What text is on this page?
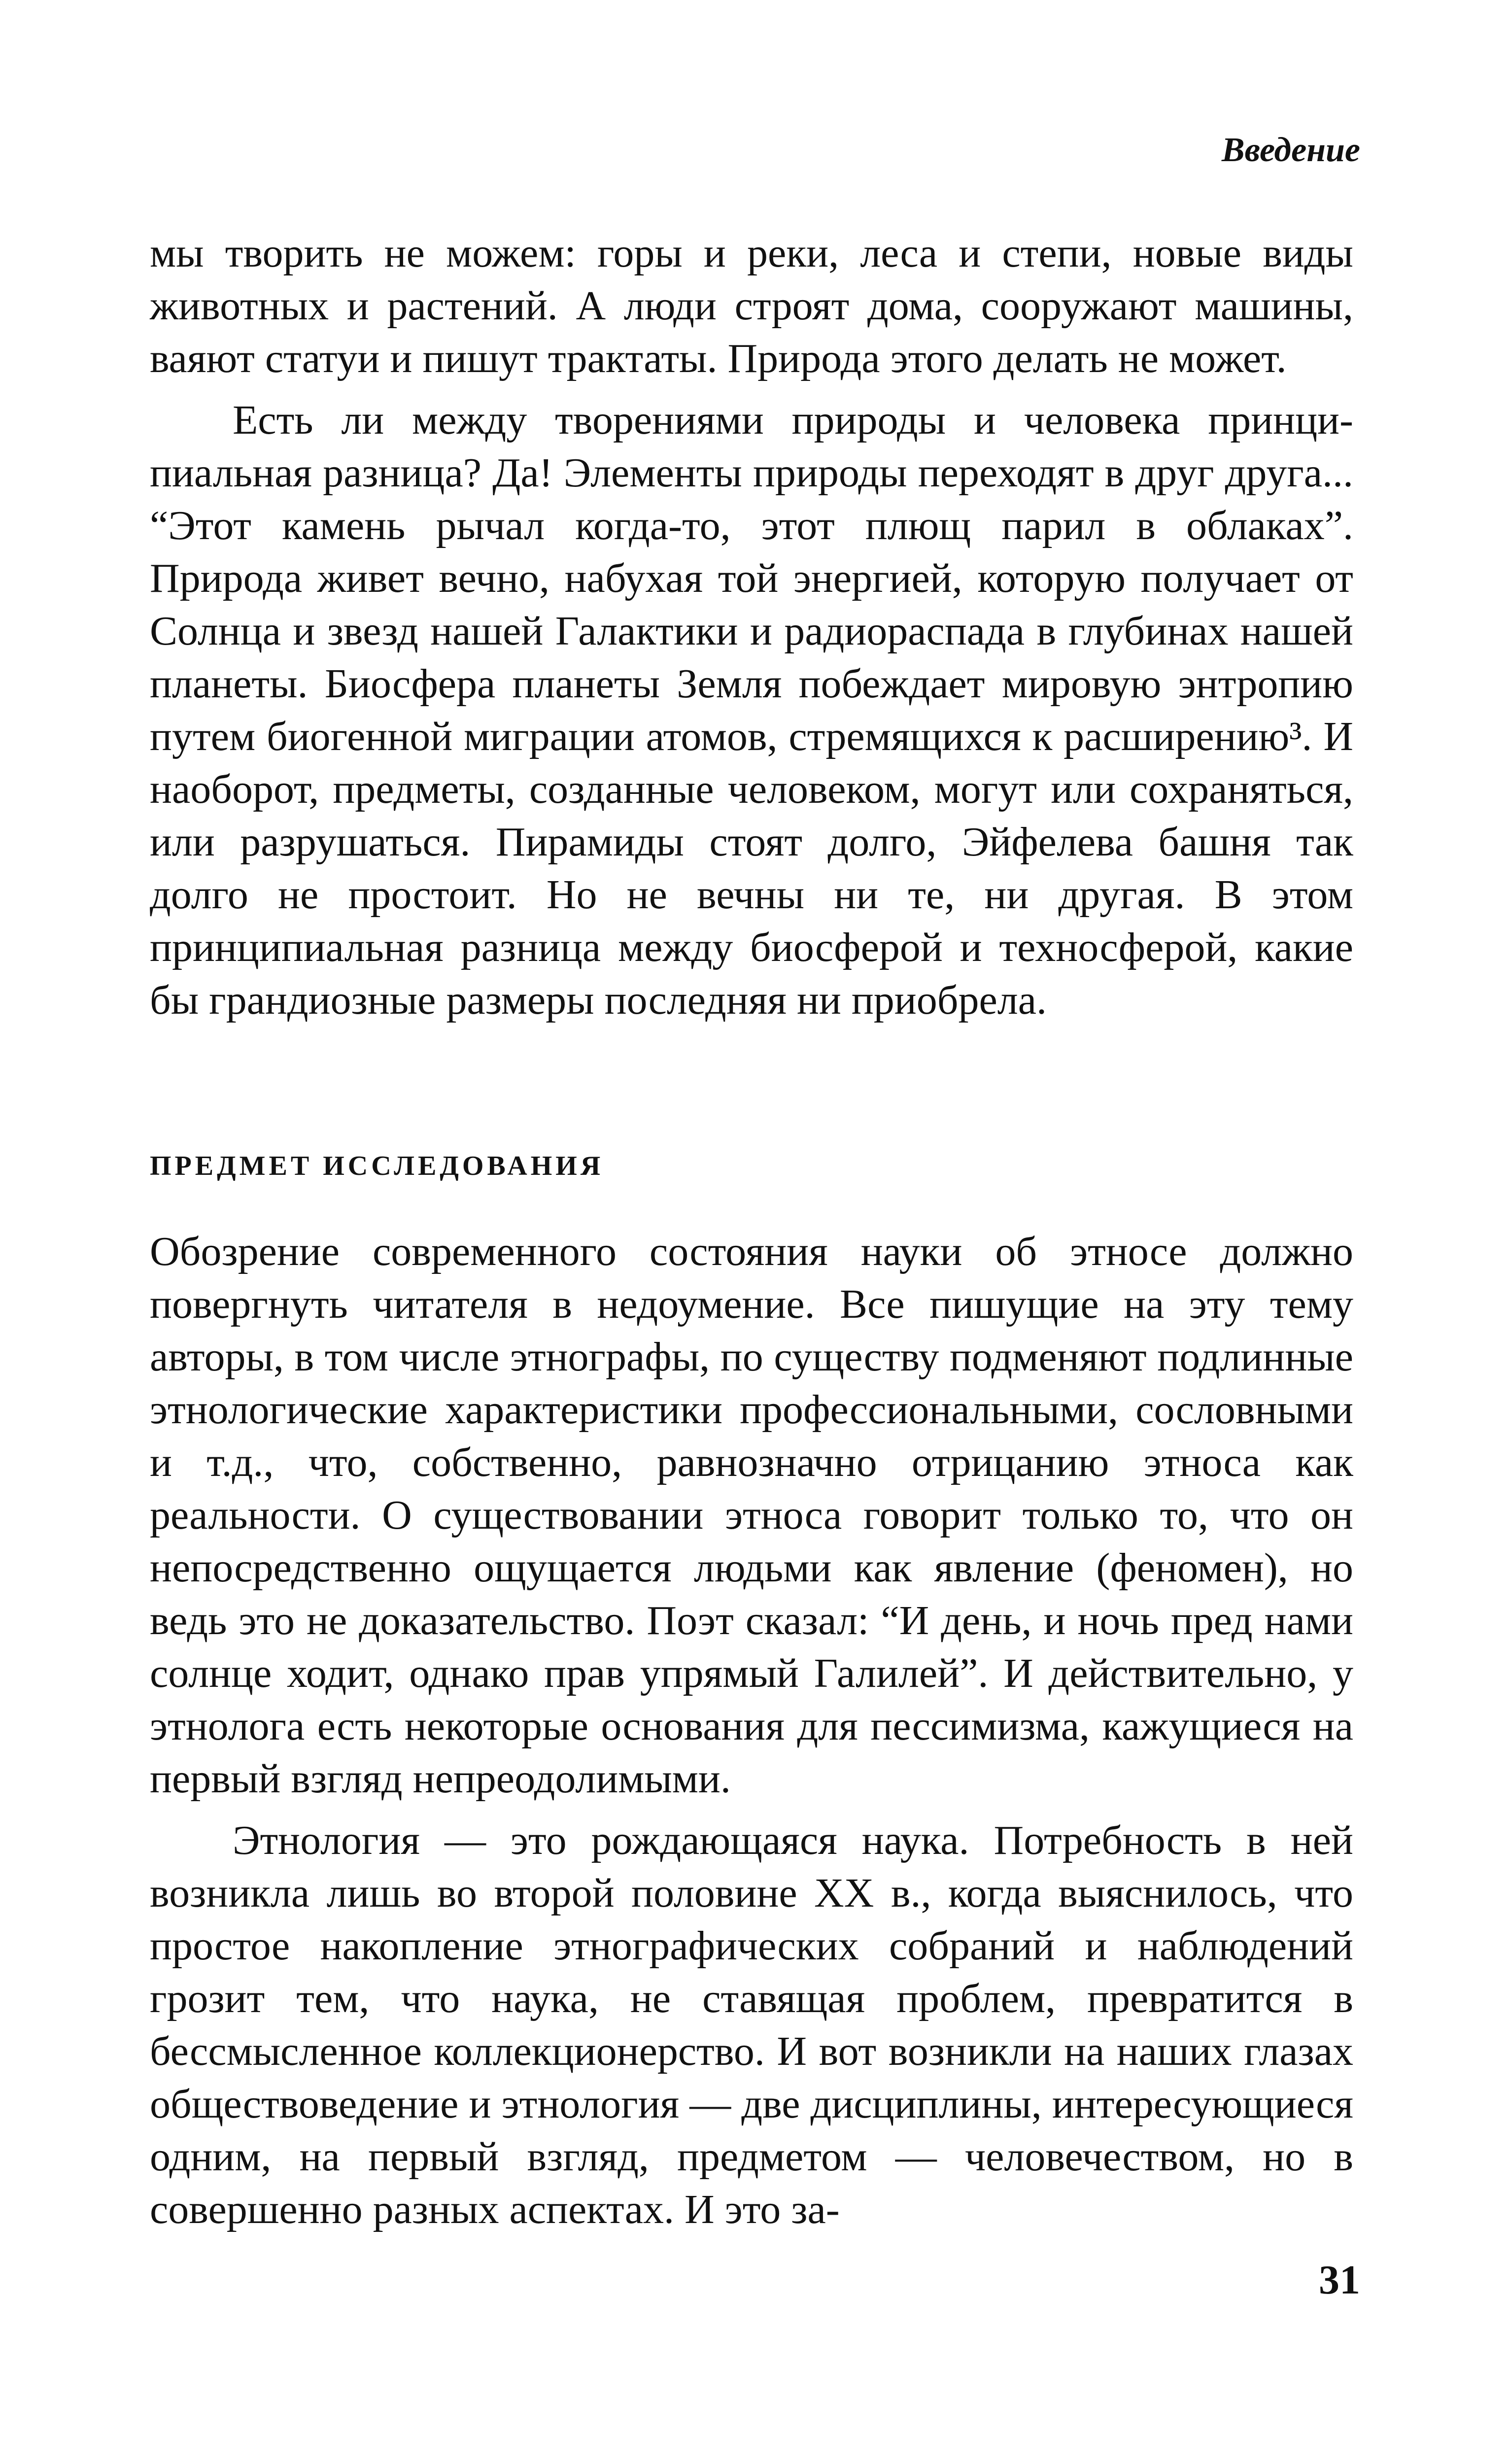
Введение

мы творить не можем: горы и реки, леса и степи, новые виды животных и растений. А люди строят дома, сооружают машины, ваяют статуи и пишут трактаты. Природа этого делать не может.

Есть ли между творениями природы и человека принципиальная разница? Да! Элементы природы переходят в друг друга... “Этот камень рычал когда-то, этот плющ парил в облаках”. Природа живет вечно, набухая той энергией, которую получает от Солнца и звезд нашей Галактики и радиораспада в глубинах нашей планеты. Биосфера планеты Земля побеждает мировую энтропию путем биогенной миграции атомов, стремящихся к расширению³. И наоборот, предметы, созданные человеком, могут или сохраняться, или разрушаться. Пирамиды стоят долго, Эйфелева башня так долго не простоит. Но не вечны ни те, ни другая. В этом принципиальная разница между биосферой и техносферой, какие бы грандиозные размеры последняя ни приобрела.

ПРЕДМЕТ ИССЛЕДОВАНИЯ

Обозрение современного состояния науки об этносе должно повергнуть читателя в недоумение. Все пишущие на эту тему авторы, в том числе этнографы, по существу подменяют подлинные этнологические характеристики профессиональными, сословными и т.д., что, собственно, равнозначно отрицанию этноса как реальности. О существовании этноса говорит только то, что он непосредственно ощущается людьми как явление (феномен), но ведь это не доказательство. Поэт сказал: “И день, и ночь пред нами солнце ходит, однако прав упрямый Галилей”. И действительно, у этнолога есть некоторые основания для пессимизма, кажущиеся на первый взгляд непреодолимыми.

Этнология — это рождающаяся наука. Потребность в ней возникла лишь во второй половине XX в., когда выяснилось, что простое накопление этнографических собраний и наблюдений грозит тем, что наука, не ставящая проблем, превратится в бессмысленное коллекционерство. И вот возникли на наших глазах обществоведение и этнология — две дисциплины, интересующиеся одним, на первый взгляд, предметом — человечеством, но в совершенно разных аспектах. И это за-

31
